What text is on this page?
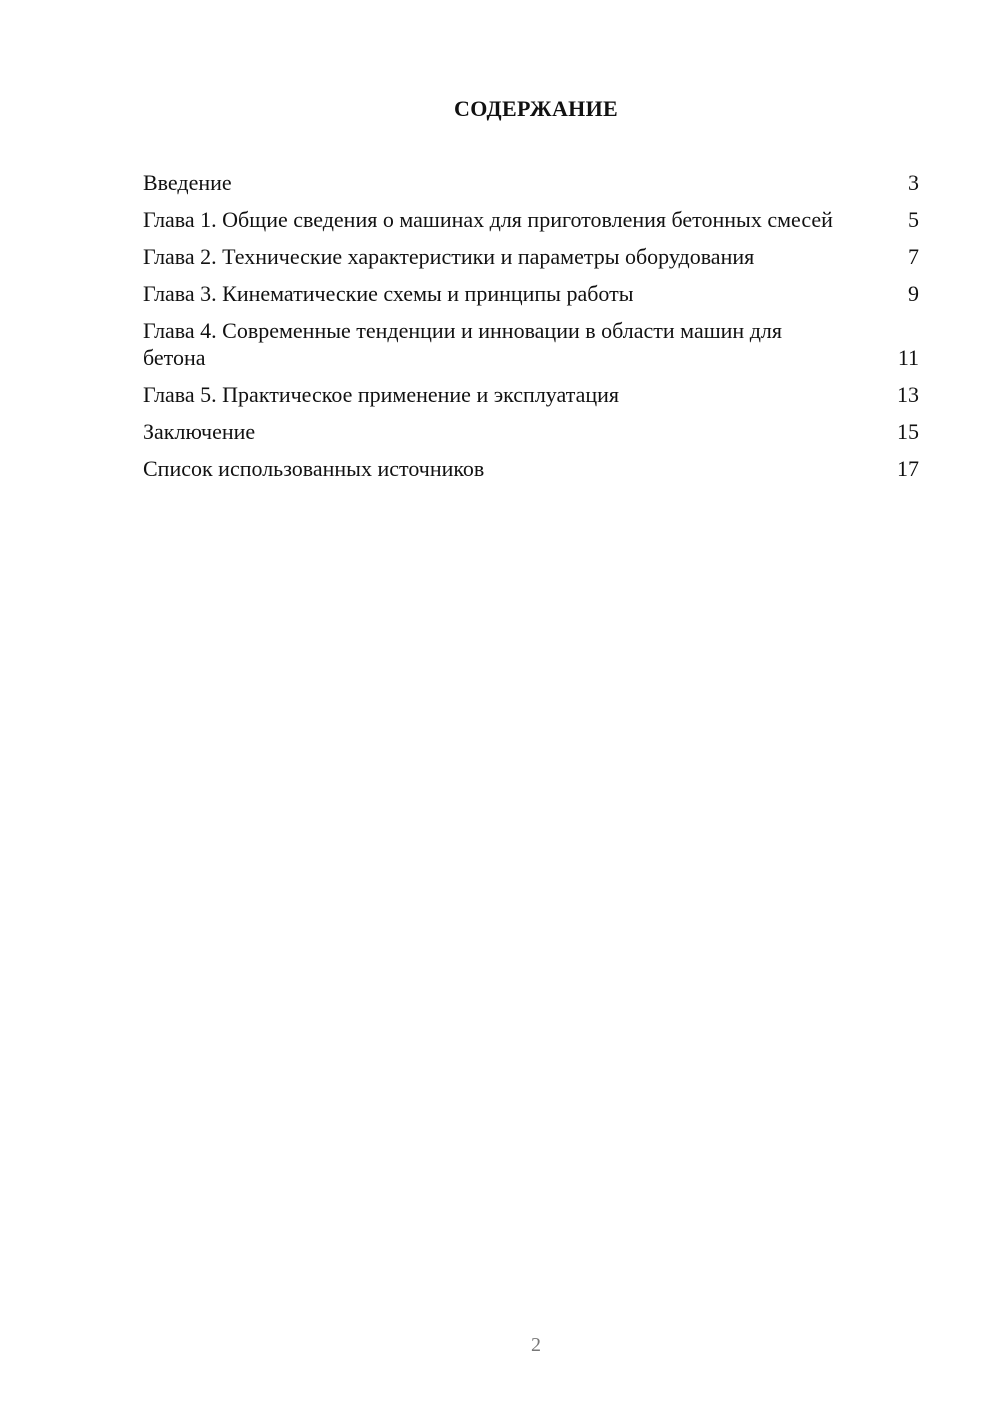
СОДЕРЖАНИЕ
Введение	3
Глава 1. Общие сведения о машинах для приготовления бетонных смесей	5
Глава 2. Технические характеристики и параметры оборудования	7
Глава 3. Кинематические схемы и принципы работы	9
Глава 4. Современные тенденции и инновации в области машин для бетона	11
Глава 5. Практическое применение и эксплуатация	13
Заключение	15
Список использованных источников	17
2
